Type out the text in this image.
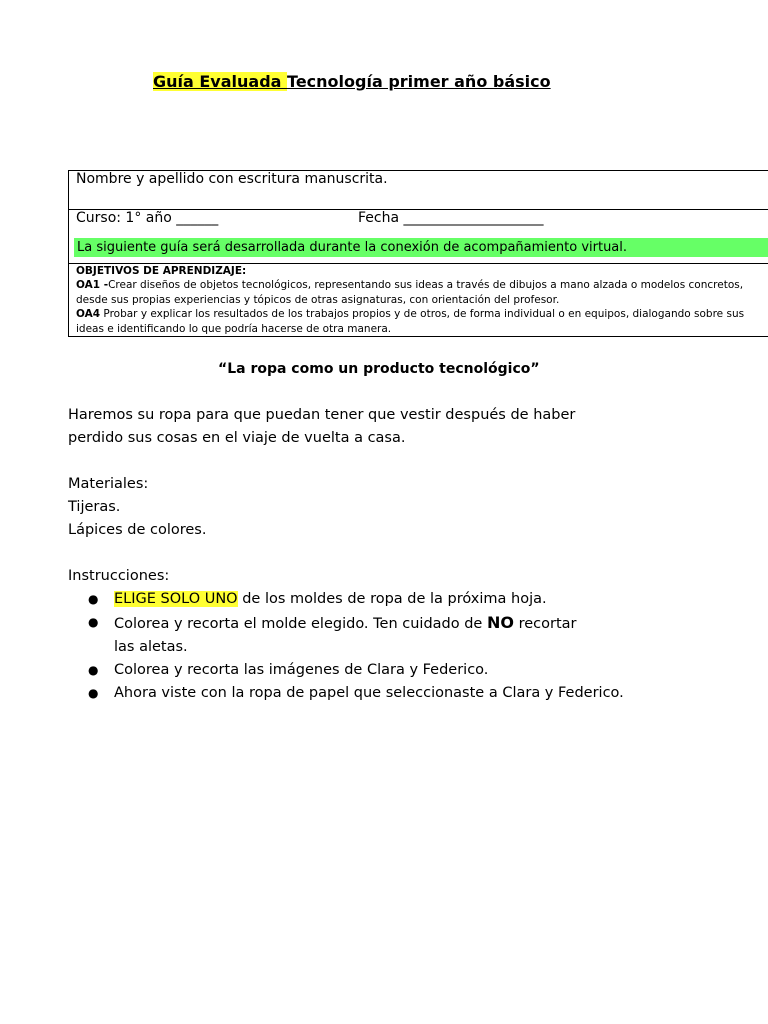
Guía Evaluada Tecnología primer año básico
Nombre y apellido con escritura manuscrita.

Curso: 1° año ______	Fecha ____________________
La siguiente guía será desarrollada durante la conexión de acompañamiento virtual.

OBJETIVOS DE APRENDIZAJE:
OA1 -Crear diseños de objetos tecnológicos, representando sus ideas a través de dibujos a mano alzada o modelos concretos, desde sus propias experiencias y tópicos de otras asignaturas, con orientación del profesor.
OA4 Probar y explicar los resultados de los trabajos propios y de otros, de forma individual o en equipos, dialogando sobre sus ideas e identificando lo que podría hacerse de otra manera.
“La ropa como un producto tecnológico”
Haremos su ropa para que puedan tener que vestir después de haber
perdido sus cosas en el viaje de vuelta a casa.
Materiales:
Tijeras.
Lápices de colores.
Instrucciones:
● ELIGE SOLO UNO de los moldes de ropa de la próxima hoja.
● Colorea y recorta el molde elegido. Ten cuidado de NO recortar
las aletas.
● Colorea y recorta las imágenes de Clara y Federico.
● Ahora viste con la ropa de papel que seleccionaste a Clara y Federico.
